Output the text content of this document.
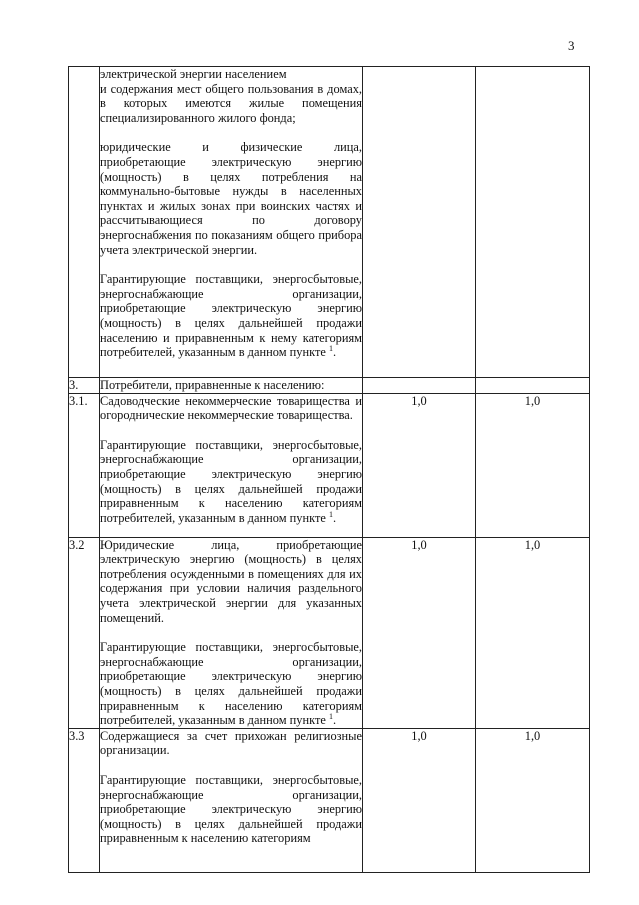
3

	электрической энергии населением
и содержания мест общего пользования в домах, в которых имеются жилые помещения специализированного жилого фонда;
юридические и физические лица, приобретающие электрическую энергию (мощность) в целях потребления на коммунально-бытовые нужды в населенных пунктах и жилых зонах при воинских частях и рассчитывающиеся по договору энергоснабжения по показаниям общего прибора учета электрической энергии.
Гарантирующие поставщики, энергосбытовые, энергоснабжающие организации, приобретающие электрическую энергию (мощность) в целях дальнейшей продажи населению и приравненным к нему категориям потребителей, указанным в данном пункте $^1$.		

3.	Потребители, приравненные к населению:		

3.1.	Садоводческие некоммерческие товарищества и огороднические некоммерческие товарищества.
Гарантирующие поставщики, энергосбытовые, энергоснабжающие организации, приобретающие электрическую энергию (мощность) в целях дальнейшей продажи приравненным к населению категориям потребителей, указанным в данном пункте $^1$.	1,0	1,0
3.2	Юридические лица, приобретающие электрическую энергию (мощность) в целях потребления осужденными в помещениях для их содержания при условии наличия раздельного учета электрической энергии для указанных помещений.
Гарантирующие поставщики, энергосбытовые, энергоснабжающие организации, приобретающие электрическую энергию (мощность) в целях дальнейшей продажи приравненным к населению категориям потребителей, указанным в данном пункте $^1$.	1,0	1,0
3.3	Содержащиеся за счет прихожан религиозные организации.
Гарантирующие поставщики, энергосбытовые, энергоснабжающие организации, приобретающие электрическую энергию (мощность) в целях дальнейшей продажи приравненным к населению категориям	1,0	1,0
